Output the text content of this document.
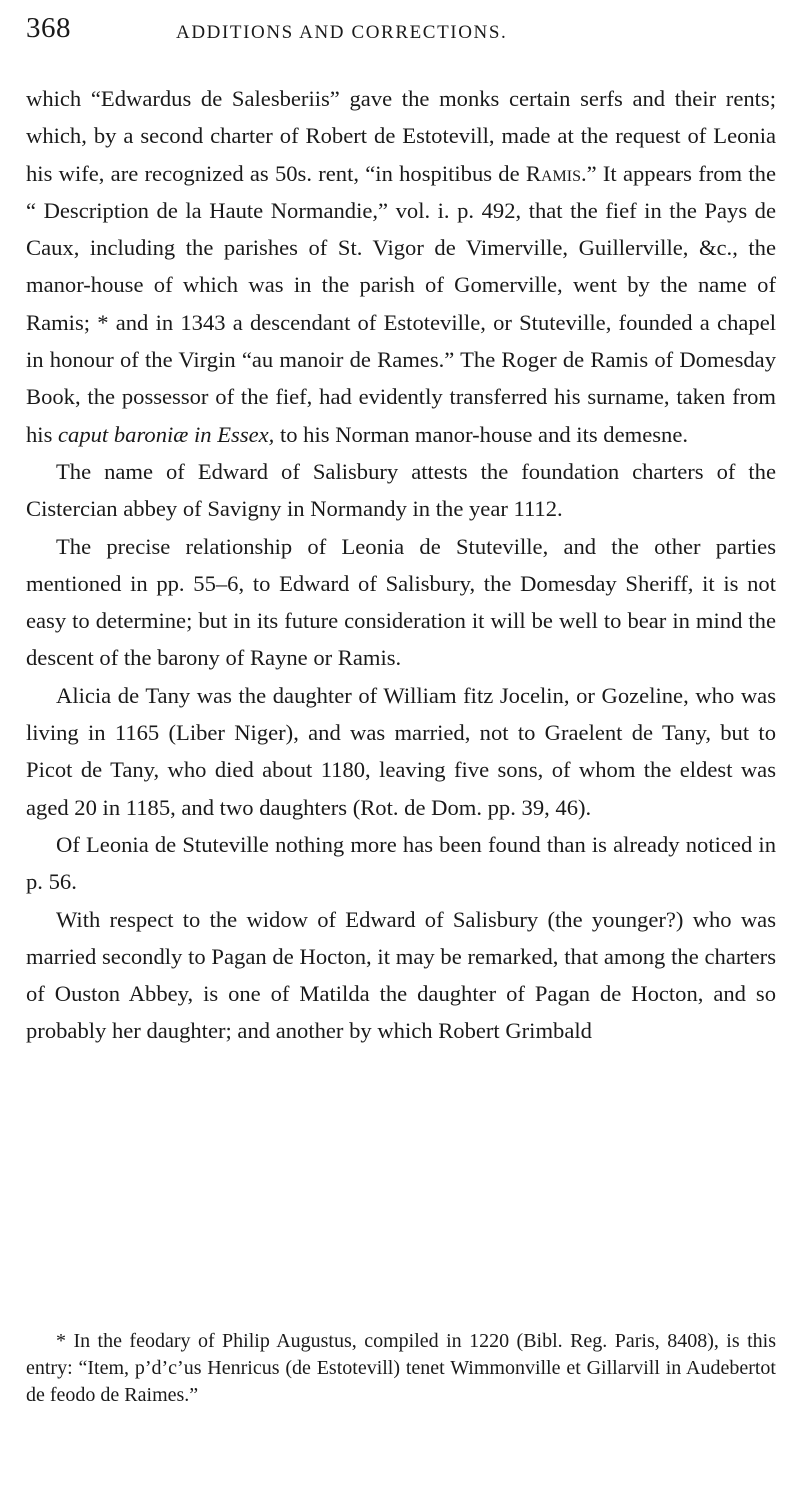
368	ADDITIONS AND CORRECTIONS.

which “Edwardus de Salesberiis” gave the monks certain serfs and their rents; which, by a second charter of Robert de Estotevill, made at the request of Leonia his wife, are recognized as 50s. rent, “in hospitibus de Ramis.” It appears from the “ Description de la Haute Normandie,” vol. i. p. 492, that the fief in the Pays de Caux, including the parishes of St. Vigor de Vimerville, Guillerville, &c., the manor-house of which was in the parish of Gomerville, went by the name of Ramis; * and in 1343 a descendant of Estoteville, or Stuteville, founded a chapel in honour of the Virgin “au manoir de Rames.” The Roger de Ramis of Domesday Book, the possessor of the fief, had evidently transferred his surname, taken from his caput baroniæ in Essex, to his Norman manor-house and its demesne.

The name of Edward of Salisbury attests the foundation charters of the Cistercian abbey of Savigny in Normandy in the year 1112.

The precise relationship of Leonia de Stuteville, and the other parties mentioned in pp. 55–6, to Edward of Salisbury, the Domesday Sheriff, it is not easy to determine; but in its future consideration it will be well to bear in mind the descent of the barony of Rayne or Ramis.

Alicia de Tany was the daughter of William fitz Jocelin, or Gozeline, who was living in 1165 (Liber Niger), and was married, not to Graelent de Tany, but to Picot de Tany, who died about 1180, leaving five sons, of whom the eldest was aged 20 in 1185, and two daughters (Rot. de Dom. pp. 39, 46).

Of Leonia de Stuteville nothing more has been found than is already noticed in p. 56.

With respect to the widow of Edward of Salisbury (the younger?) who was married secondly to Pagan de Hocton, it may be remarked, that among the charters of Ouston Abbey, is one of Matilda the daughter of Pagan de Hocton, and so probably her daughter; and another by which Robert Grimbald

* In the feodary of Philip Augustus, compiled in 1220 (Bibl. Reg. Paris, 8408), is this entry: “Item, p’d’c’us Henricus (de Estotevill) tenet Wimmonville et Gillarvill in Audebertot de feodo de Raimes.”
